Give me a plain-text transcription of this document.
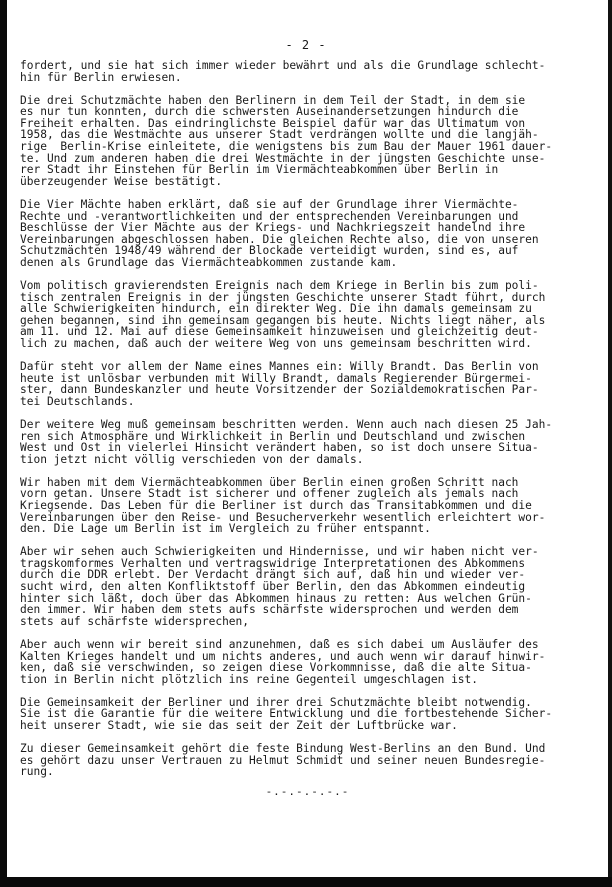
- 2 -

fordert, und sie hat sich immer wieder bewährt und als die Grundlage schlecht-
hin für Berlin erwiesen.

Die drei Schutzmächte haben den Berlinern in dem Teil der Stadt, in dem sie
es nur tun konnten, durch die schwersten Auseinandersetzungen hindurch die
Freiheit erhalten. Das eindringlichste Beispiel dafür war das Ultimatum von
1958, das die Westmächte aus unserer Stadt verdrängen wollte und die langjäh-
rige  Berlin-Krise einleitete, die wenigstens bis zum Bau der Mauer 1961 dauer-
te. Und zum anderen haben die drei Westmächte in der jüngsten Geschichte unse-
rer Stadt ihr Einstehen für Berlin im Viermächteabkommen über Berlin in
überzeugender Weise bestätigt.

Die Vier Mächte haben erklärt, daß sie auf der Grundlage ihrer Viermächte-
Rechte und -verantwortlichkeiten und der entsprechenden Vereinbarungen und
Beschlüsse der Vier Mächte aus der Kriegs- und Nachkriegszeit handelnd ihre
Vereinbarungen abgeschlossen haben. Die gleichen Rechte also, die von unseren
Schutzmächten 1948/49 während der Blockade verteidigt wurden, sind es, auf
denen als Grundlage das Viermächteabkommen zustande kam.

Vom politisch gravierendsten Ereignis nach dem Kriege in Berlin bis zum poli-
tisch zentralen Ereignis in der jüngsten Geschichte unserer Stadt führt, durch
alle Schwierigkeiten hindurch, ein direkter Weg. Die ihn damals gemeinsam zu
gehen begannen, sind ihn gemeinsam gegangen bis heute. Nichts liegt näher, als
am 11. und 12. Mai auf diese Gemeinsamkeit hinzuweisen und gleichzeitig deut-
lich zu machen, daß auch der weitere Weg von uns gemeinsam beschritten wird.

Dafür steht vor allem der Name eines Mannes ein: Willy Brandt. Das Berlin von
heute ist unlösbar verbunden mit Willy Brandt, damals Regierender Bürgermei-
ster, dann Bundeskanzler und heute Vorsitzender der Sozialdemokratischen Par-
tei Deutschlands.

Der weitere Weg muß gemeinsam beschritten werden. Wenn auch nach diesen 25 Jah-
ren sich Atmosphäre und Wirklichkeit in Berlin und Deutschland und zwischen
West und Ost in vielerlei Hinsicht verändert haben, so ist doch unsere Situa-
tion jetzt nicht völlig verschieden von der damals.

Wir haben mit dem Viermächteabkommen über Berlin einen großen Schritt nach
vorn getan. Unsere Stadt ist sicherer und offener zugleich als jemals nach
Kriegsende. Das Leben für die Berliner ist durch das Transitabkommen und die
Vereinbarungen über den Reise- und Besucherverkehr wesentlich erleichtert wor-
den. Die Lage um Berlin ist im Vergleich zu früher entspannt.

Aber wir sehen auch Schwierigkeiten und Hindernisse, und wir haben nicht ver-
tragskomformes Verhalten und vertragswidrige Interpretationen des Abkommens
durch die DDR erlebt. Der Verdacht drängt sich auf, daß hin und wieder ver-
sucht wird, den alten Konfliktstoff über Berlin, den das Abkommen eindeutig
hinter sich läßt, doch über das Abkommen hinaus zu retten: Aus welchen Grün-
den immer. Wir haben dem stets aufs schärfste widersprochen und werden dem
stets auf schärfste widersprechen,

Aber auch wenn wir bereit sind anzunehmen, daß es sich dabei um Ausläufer des
Kalten Krieges handelt und um nichts anderes, und auch wenn wir darauf hinwir-
ken, daß sie verschwinden, so zeigen diese Vorkommnisse, daß die alte Situa-
tion in Berlin nicht plötzlich ins reine Gegenteil umgeschlagen ist.

Die Gemeinsamkeit der Berliner und ihrer drei Schutzmächte bleibt notwendig.
Sie ist die Garantie für die weitere Entwicklung und die fortbestehende Sicher-
heit unserer Stadt, wie sie das seit der Zeit der Luftbrücke war.

Zu dieser Gemeinsamkeit gehört die feste Bindung West-Berlins an den Bund. Und
es gehört dazu unser Vertrauen zu Helmut Schmidt und seiner neuen Bundesregie-
rung.

-.-.-.-.-.-
